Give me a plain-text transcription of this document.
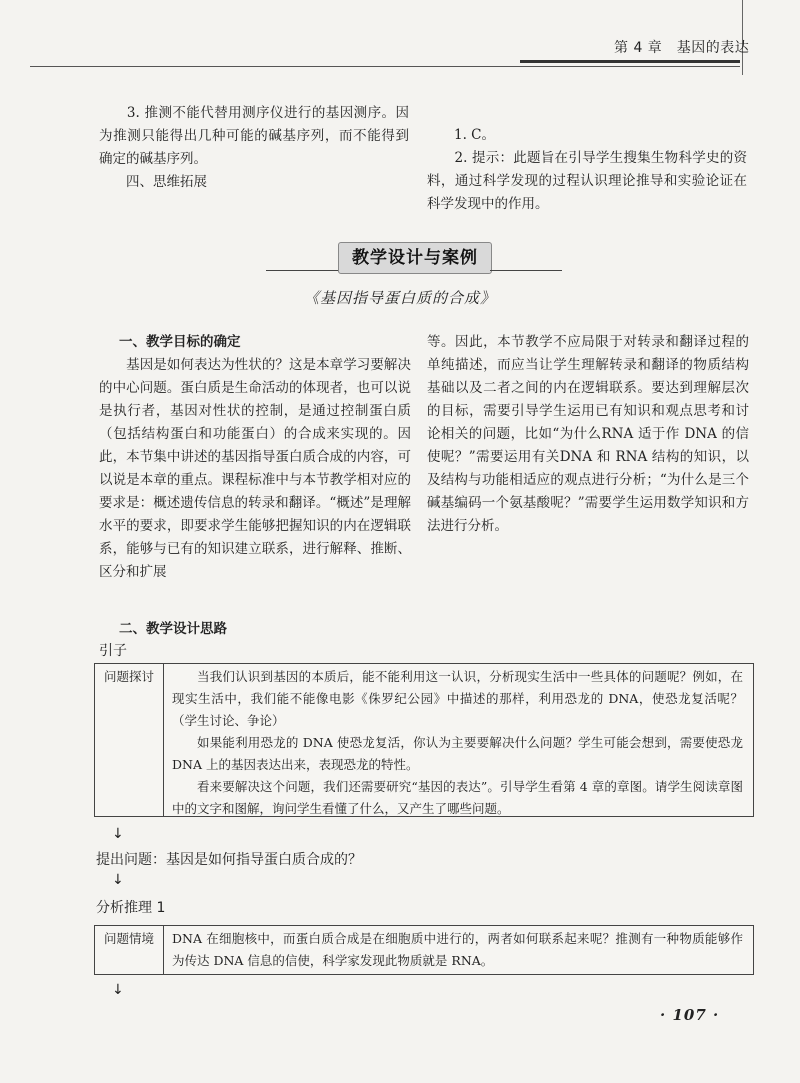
第 4 章　基因的表达

　　3. 推测不能代替用测序仪进行的基因测序。因为推测只能得出几种可能的碱基序列，而不能得到确定的碱基序列。

　　四、思维拓展

　　1. C。

　　2. 提示：此题旨在引导学生搜集生物科学史的资料，通过科学发现的过程认识理论推导和实验论证在科学发现中的作用。

教学设计与案例
《基因指导蛋白质的合成》
一、教学目标的确定

　　基因是如何表达为性状的？这是本章学习要解决的中心问题。蛋白质是生命活动的体现者，也可以说是执行者，基因对性状的控制，是通过控制蛋白质（包括结构蛋白和功能蛋白）的合成来实现的。因此，本节集中讲述的基因指导蛋白质合成的内容，可以说是本章的重点。课程标准中与本节教学相对应的要求是：概述遗传信息的转录和翻译。“概述”是理解水平的要求，即要求学生能够把握知识的内在逻辑联系，能够与已有的知识建立联系，进行解释、推断、区分和扩展

等。因此，本节教学不应局限于对转录和翻译过程的单纯描述，而应当让学生理解转录和翻译的物质结构基础以及二者之间的内在逻辑联系。要达到理解层次的目标，需要引导学生运用已有知识和观点思考和讨论相关的问题，比如“为什么RNA 适于作 DNA 的信使呢？”需要运用有关DNA 和 RNA 结构的知识，以及结构与功能相适应的观点进行分析；“为什么是三个碱基编码一个氨基酸呢？”需要学生运用数学知识和方法进行分析。

二、教学设计思路
引子
问题探讨	当我们认识到基因的本质后，能不能利用这一认识，分析现实生活中一些具体的问题呢？例如，在现实生活中，我们能不能像电影《侏罗纪公园》中描述的那样，利用恐龙的 DNA，使恐龙复活呢？（学生讨论、争论）

如果能利用恐龙的 DNA 使恐龙复活，你认为主要要解决什么问题？学生可能会想到，需要使恐龙 DNA 上的基因表达出来，表现恐龙的特性。

看来要解决这个问题，我们还需要研究“基因的表达”。引导学生看第 4 章的章图。请学生阅读章图中的文字和图解，询问学生看懂了什么，又产生了哪些问题。

↓
提出问题：基因是如何指导蛋白质合成的？
↓
分析推理 1
问题情境	DNA 在细胞核中，而蛋白质合成是在细胞质中进行的，两者如何联系起来呢？推测有一种物质能够作为传达 DNA 信息的信使，科学家发现此物质就是 RNA。

↓
· 107 ·
